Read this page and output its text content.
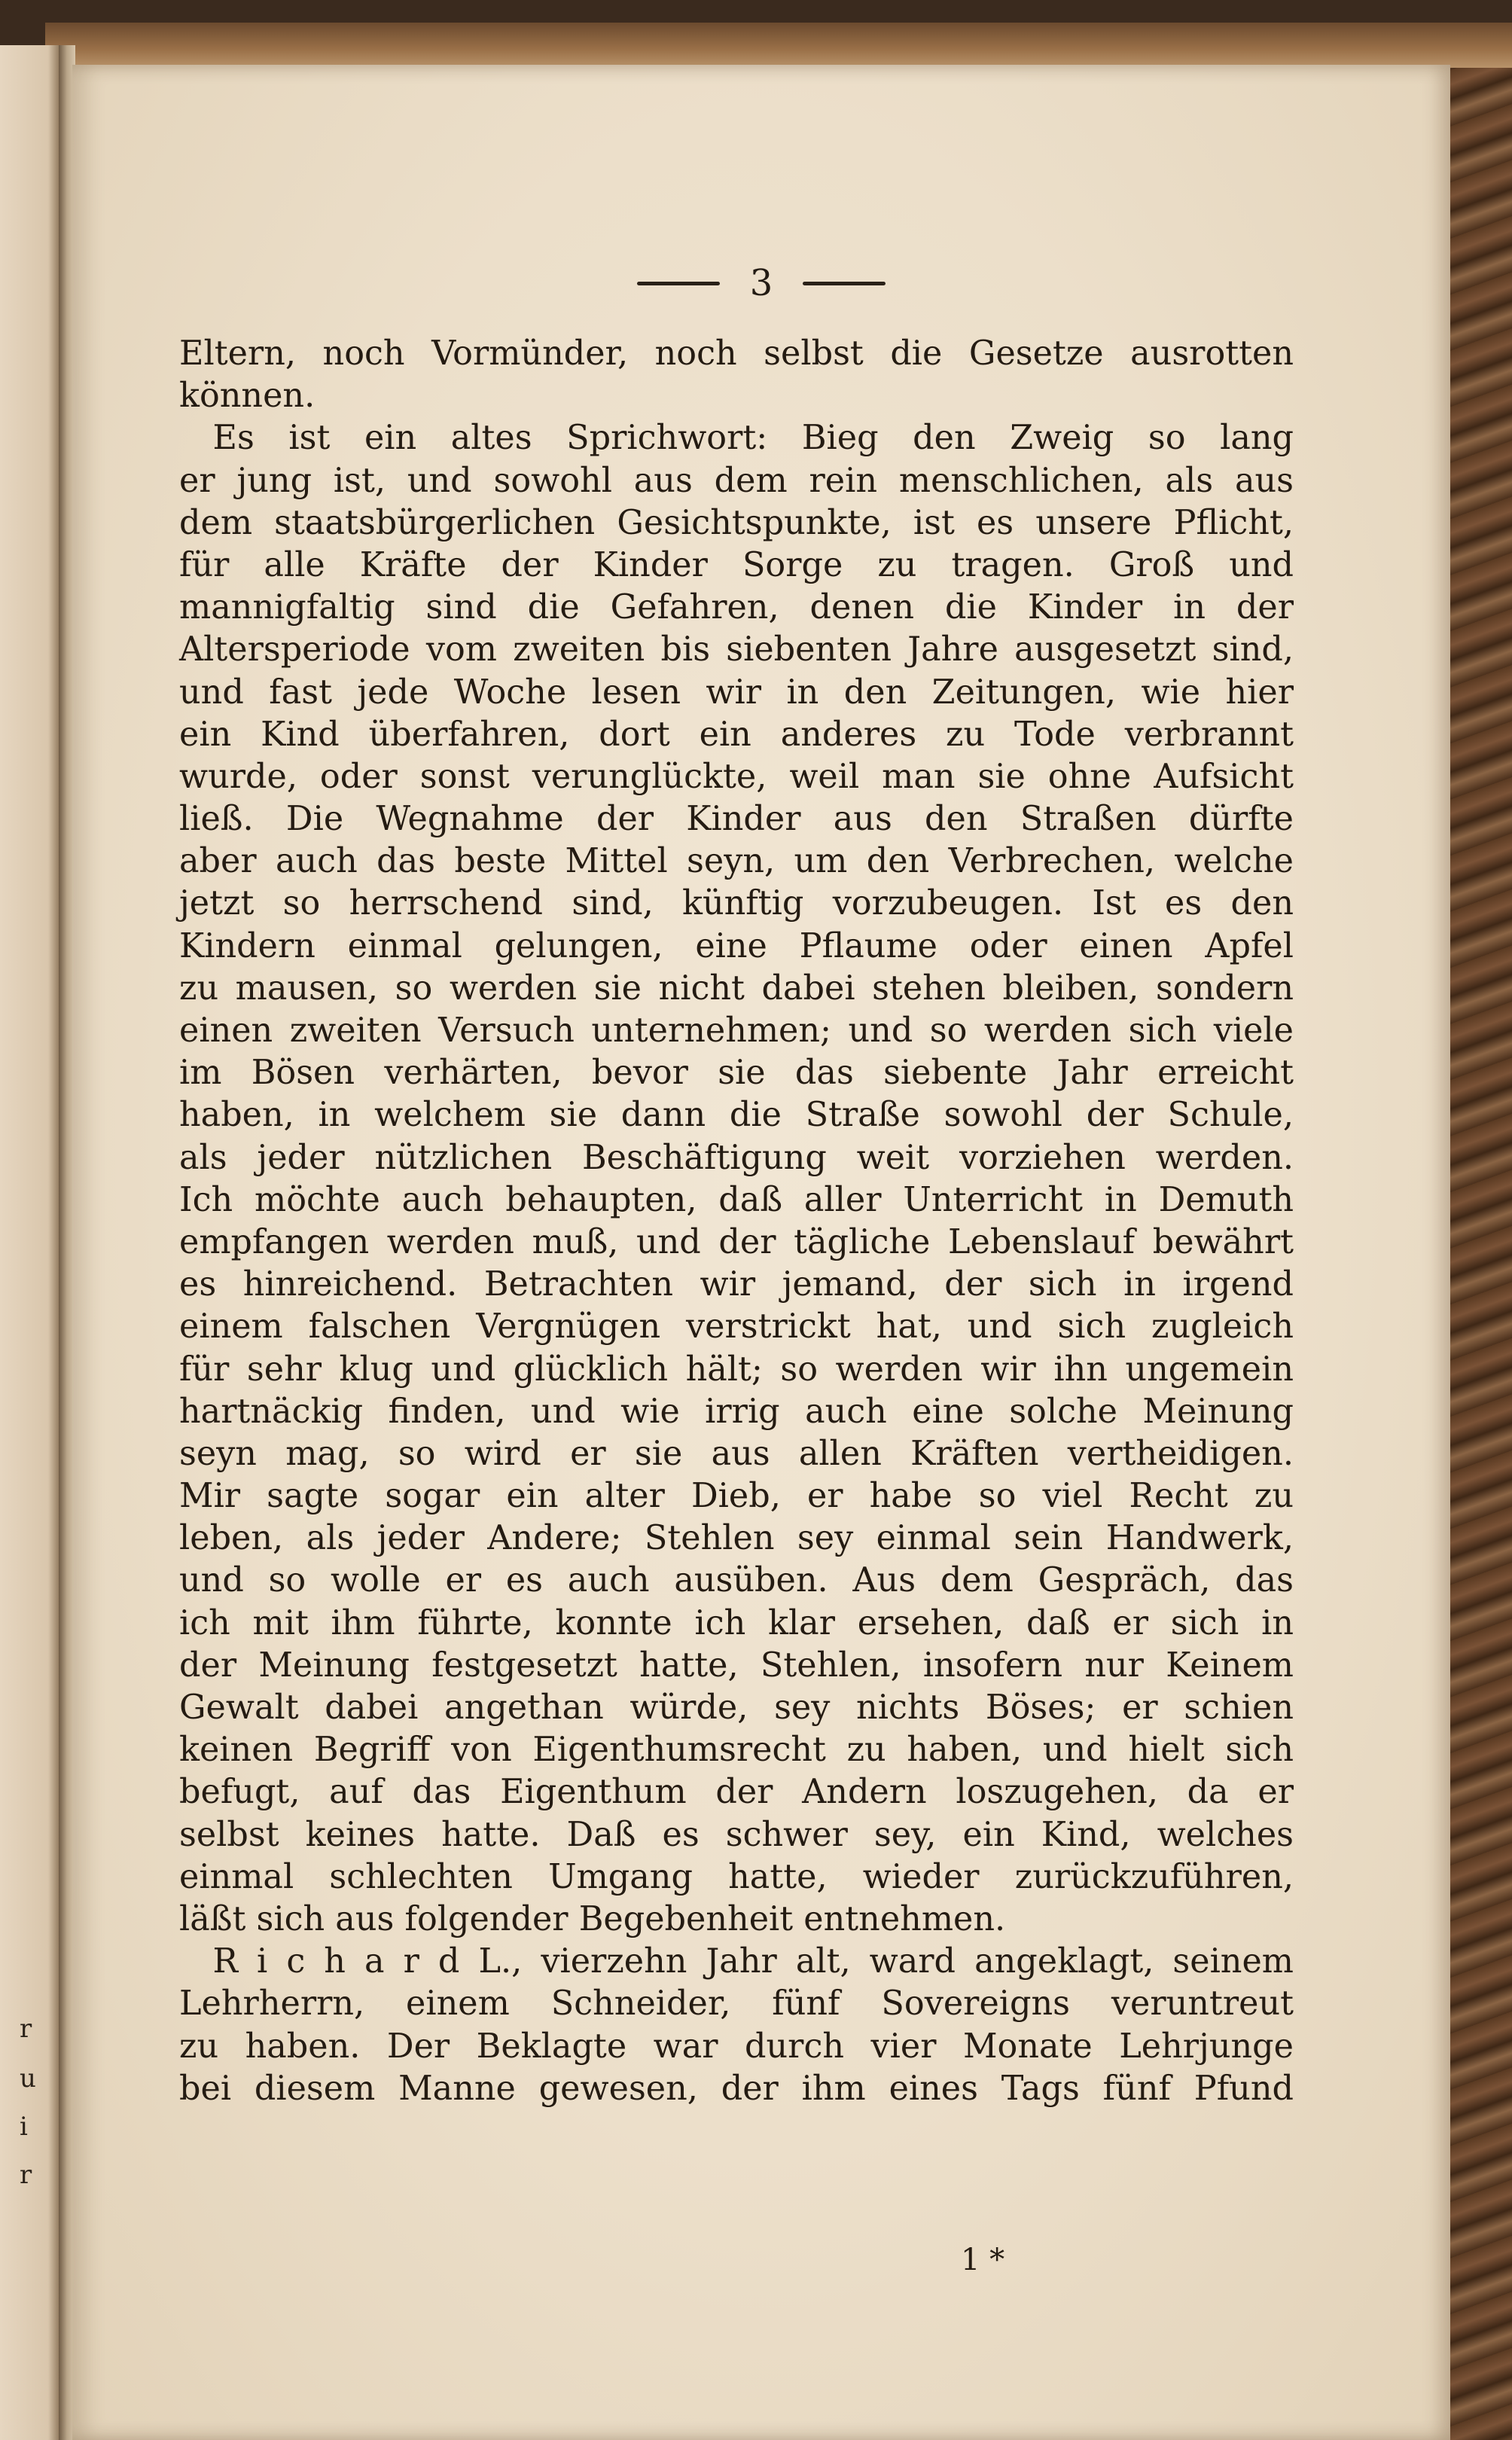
r
u
i
r
3
Eltern, noch Vormünder, noch selbst die Gesetze ausrotten
können.
 Es ist ein altes Sprichwort: Bieg den Zweig so lang
er jung ist, und sowohl aus dem rein menschlichen, als aus
dem staatsbürgerlichen Gesichtspunkte, ist es unsere Pflicht,
für alle Kräfte der Kinder Sorge zu tragen. Groß und
mannigfaltig sind die Gefahren, denen die Kinder in der
Altersperiode vom zweiten bis siebenten Jahre ausgesetzt sind,
und fast jede Woche lesen wir in den Zeitungen, wie hier
ein Kind überfahren, dort ein anderes zu Tode verbrannt
wurde, oder sonst verunglückte, weil man sie ohne Aufsicht
ließ. Die Wegnahme der Kinder aus den Straßen dürfte
aber auch das beste Mittel seyn, um den Verbrechen, welche
jetzt so herrschend sind, künftig vorzubeugen. Ist es den
Kindern einmal gelungen, eine Pflaume oder einen Apfel
zu mausen, so werden sie nicht dabei stehen bleiben, sondern
einen zweiten Versuch unternehmen; und so werden sich viele
im Bösen verhärten, bevor sie das siebente Jahr erreicht
haben, in welchem sie dann die Straße sowohl der Schule,
als jeder nützlichen Beschäftigung weit vorziehen werden.
Ich möchte auch behaupten, daß aller Unterricht in Demuth
empfangen werden muß, und der tägliche Lebenslauf bewährt
es hinreichend. Betrachten wir jemand, der sich in irgend
einem falschen Vergnügen verstrickt hat, und sich zugleich
für sehr klug und glücklich hält; so werden wir ihn ungemein
hartnäckig finden, und wie irrig auch eine solche Meinung
seyn mag, so wird er sie aus allen Kräften vertheidigen.
Mir sagte sogar ein alter Dieb, er habe so viel Recht zu
leben, als jeder Andere; Stehlen sey einmal sein Handwerk,
und so wolle er es auch ausüben. Aus dem Gespräch, das
ich mit ihm führte, konnte ich klar ersehen, daß er sich in
der Meinung festgesetzt hatte, Stehlen, insofern nur Keinem
Gewalt dabei angethan würde, sey nichts Böses; er schien
keinen Begriff von Eigenthumsrecht zu haben, und hielt sich
befugt, auf das Eigenthum der Andern loszugehen, da er
selbst keines hatte. Daß es schwer sey, ein Kind, welches
einmal schlechten Umgang hatte, wieder zurückzuführen,
läßt sich aus folgender Begebenheit entnehmen.
 R i c h a r d L., vierzehn Jahr alt, ward angeklagt, seinem
Lehrherrn, einem Schneider, fünf Sovereigns veruntreut
zu haben. Der Beklagte war durch vier Monate Lehrjunge
bei diesem Manne gewesen, der ihm eines Tags fünf Pfund
1 *
